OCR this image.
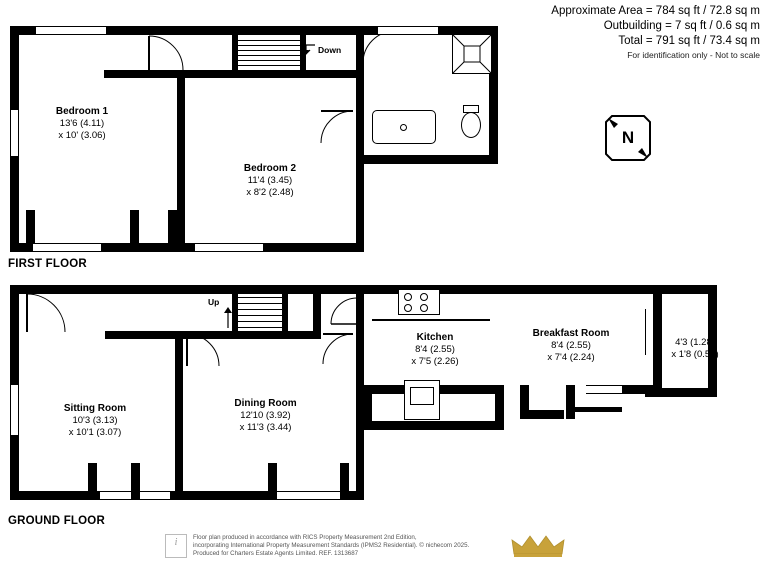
Approximate Area = 784 sq ft / 72.8 sq m
Outbuilding = 7 sq ft / 0.6 sq m
Total = 791 sq ft / 73.4 sq m
For identification only - Not to scale
N
Down
Bedroom 1
13'6 (4.11)
x 10' (3.06)
Bedroom 2
11'4 (3.45)
x 8'2 (2.48)
FIRST FLOOR
Up
Sitting Room
10'3 (3.13)
x 10'1 (3.07)
Dining Room
12'10 (3.92)
x 11'3 (3.44)
Kitchen
8'4 (2.55)
x 7'5 (2.26)
Breakfast Room
8'4 (2.55)
x 7'4 (2.24)
4'3 (1.28)
x 1'8 (0.50)
GROUND FLOOR
i
Floor plan produced in accordance with RICS Property Measurement 2nd Edition,
incorporating International Property Measurement Standards (IPMS2 Residential). © nichecom 2025.
Produced for Charters Estate Agents Limited. REF. 1313687
